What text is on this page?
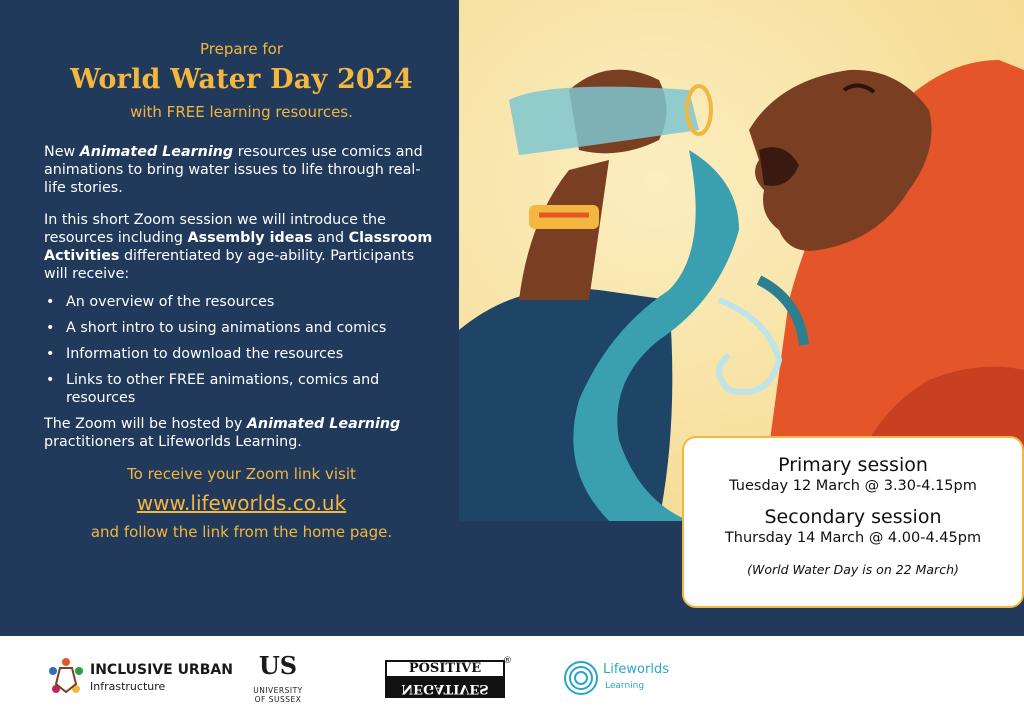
Prepare for

World Water Day 2024

with FREE learning resources.

New Animated Learning resources use comics and animations to bring water issues to life through real-life stories.

In this short Zoom session we will introduce the resources including Assembly ideas and Classroom Activities differentiated by age-ability. Participants will receive:

• An overview of the resources
• A short intro to using animations and comics
• Information to download the resources
• Links to other FREE animations, comics and resources

The Zoom will be hosted by Animated Learning practitioners at Lifeworlds Learning.

To receive your Zoom link visit

www.lifeworlds.co.uk

and follow the link from the home page.

Primary session

Tuesday 12 March @ 3.30-4.15pm

Secondary session

Thursday 14 March @ 4.00-4.45pm

(World Water Day is on 22 March)

INCLUSIVE URBAN
Infrastructure
US
UNIVERSITY
OF SUSSEX
POSITIVE
NEGATIVES
®
Lifeworlds
Learning
